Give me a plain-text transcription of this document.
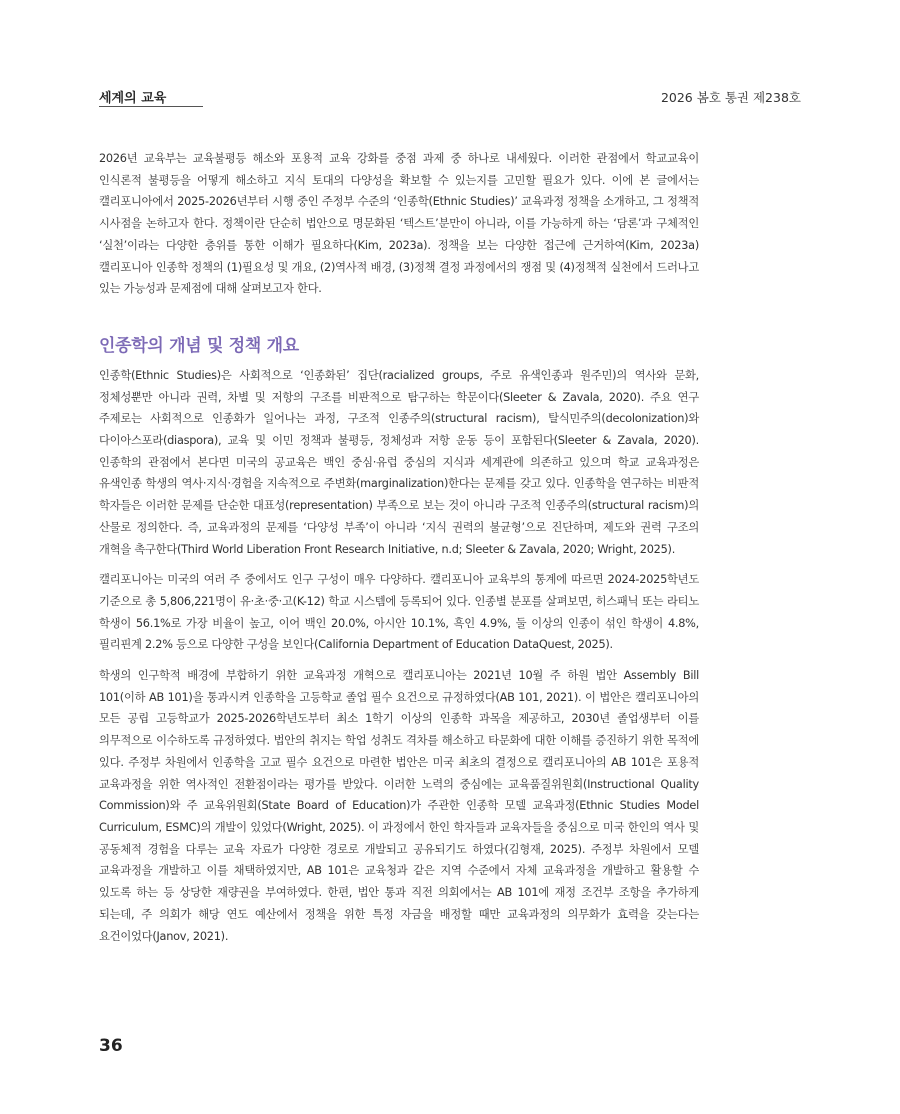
세계의 교육	2026 봄호 통권 제238호

2026년 교육부는 교육불평등 해소와 포용적 교육 강화를 중점 과제 중 하나로 내세웠다. 이러한 관점에서 학교교육이 인식론적 불평등을 어떻게 해소하고 지식 토대의 다양성을 확보할 수 있는지를 고민할 필요가 있다. 이에 본 글에서는 캘리포니아에서 2025-2026년부터 시행 중인 주정부 수준의 ‘인종학(Ethnic Studies)’ 교육과정 정책을 소개하고, 그 정책적 시사점을 논하고자 한다. 정책이란 단순히 법안으로 명문화된 ‘텍스트’분만이 아니라, 이를 가능하게 하는 ‘담론’과 구체적인 ‘실천’이라는 다양한 층위를 통한 이해가 필요하다(Kim, 2023a). 정책을 보는 다양한 접근에 근거하여(Kim, 2023a) 캘리포니아 인종학 정책의 (1)필요성 및 개요, (2)역사적 배경, (3)정책 결정 과정에서의 쟁점 및 (4)정책적 실천에서 드러나고 있는 가능성과 문제점에 대해 살펴보고자 한다.

인종학의 개념 및 정책 개요

인종학(Ethnic Studies)은 사회적으로 ‘인종화된’ 집단(racialized groups, 주로 유색인종과 원주민)의 역사와 문화, 정체성뿐만 아니라 권력, 차별 및 저항의 구조를 비판적으로 탐구하는 학문이다(Sleeter & Zavala, 2020). 주요 연구 주제로는 사회적으로 인종화가 일어나는 과정, 구조적 인종주의(structural racism), 탈식민주의(decolonization)와 다이아스포라(diaspora), 교육 및 이민 정책과 불평등, 정체성과 저항 운동 등이 포함된다(Sleeter & Zavala, 2020). 인종학의 관점에서 본다면 미국의 공교육은 백인 중심·유럽 중심의 지식과 세계관에 의존하고 있으며 학교 교육과정은 유색인종 학생의 역사·지식·경험을 지속적으로 주변화(marginalization)한다는 문제를 갖고 있다. 인종학을 연구하는 비판적 학자들은 이러한 문제를 단순한 대표성(representation) 부족으로 보는 것이 아니라 구조적 인종주의(structural racism)의 산물로 정의한다. 즉, 교육과정의 문제를 ‘다양성 부족’이 아니라 ‘지식 권력의 불균형’으로 진단하며, 제도와 권력 구조의 개혁을 촉구한다(Third World Liberation Front Research Initiative, n.d; Sleeter & Zavala, 2020; Wright, 2025).

캘리포니아는 미국의 여러 주 중에서도 인구 구성이 매우 다양하다. 캘리포니아 교육부의 통계에 따르면 2024-2025학년도 기준으로 총 5,806,221명이 유·초·중·고(K-12) 학교 시스템에 등록되어 있다. 인종별 분포를 살펴보면, 히스패닉 또는 라티노 학생이 56.1%로 가장 비율이 높고, 이어 백인 20.0%, 아시안 10.1%, 흑인 4.9%, 둘 이상의 인종이 섞인 학생이 4.8%, 필리핀계 2.2% 등으로 다양한 구성을 보인다(California Department of Education DataQuest, 2025).

학생의 인구학적 배경에 부합하기 위한 교육과정 개혁으로 캘리포니아는 2021년 10월 주 하원 법안 Assembly Bill 101(이하 AB 101)을 통과시켜 인종학을 고등학교 졸업 필수 요건으로 규정하였다(AB 101, 2021). 이 법안은 캘리포니아의 모든 공립 고등학교가 2025-2026학년도부터 최소 1학기 이상의 인종학 과목을 제공하고, 2030년 졸업생부터 이를 의무적으로 이수하도록 규정하였다. 법안의 취지는 학업 성취도 격차를 해소하고 타문화에 대한 이해를 증진하기 위한 목적에 있다. 주정부 차원에서 인종학을 고교 필수 요건으로 마련한 법안은 미국 최초의 결정으로 캘리포니아의 AB 101은 포용적 교육과정을 위한 역사적인 전환점이라는 평가를 받았다. 이러한 노력의 중심에는 교육품질위원회(Instructional Quality Commission)와 주 교육위원회(State Board of Education)가 주관한 인종학 모델 교육과정(Ethnic Studies Model Curriculum, ESMC)의 개발이 있었다(Wright, 2025). 이 과정에서 한인 학자들과 교육자들을 중심으로 미국 한인의 역사 및 공동체적 경험을 다루는 교육 자료가 다양한 경로로 개발되고 공유되기도 하였다(김형재, 2025). 주정부 차원에서 모델 교육과정을 개발하고 이를 채택하였지만, AB 101은 교육청과 같은 지역 수준에서 자체 교육과정을 개발하고 활용할 수 있도록 하는 등 상당한 재량권을 부여하였다. 한편, 법안 통과 직전 의회에서는 AB 101에 재정 조건부 조항을 추가하게 되는데, 주 의회가 해당 연도 예산에서 정책을 위한 특정 자금을 배정할 때만 교육과정의 의무화가 효력을 갖는다는 요건이었다(Janov, 2021).

36
